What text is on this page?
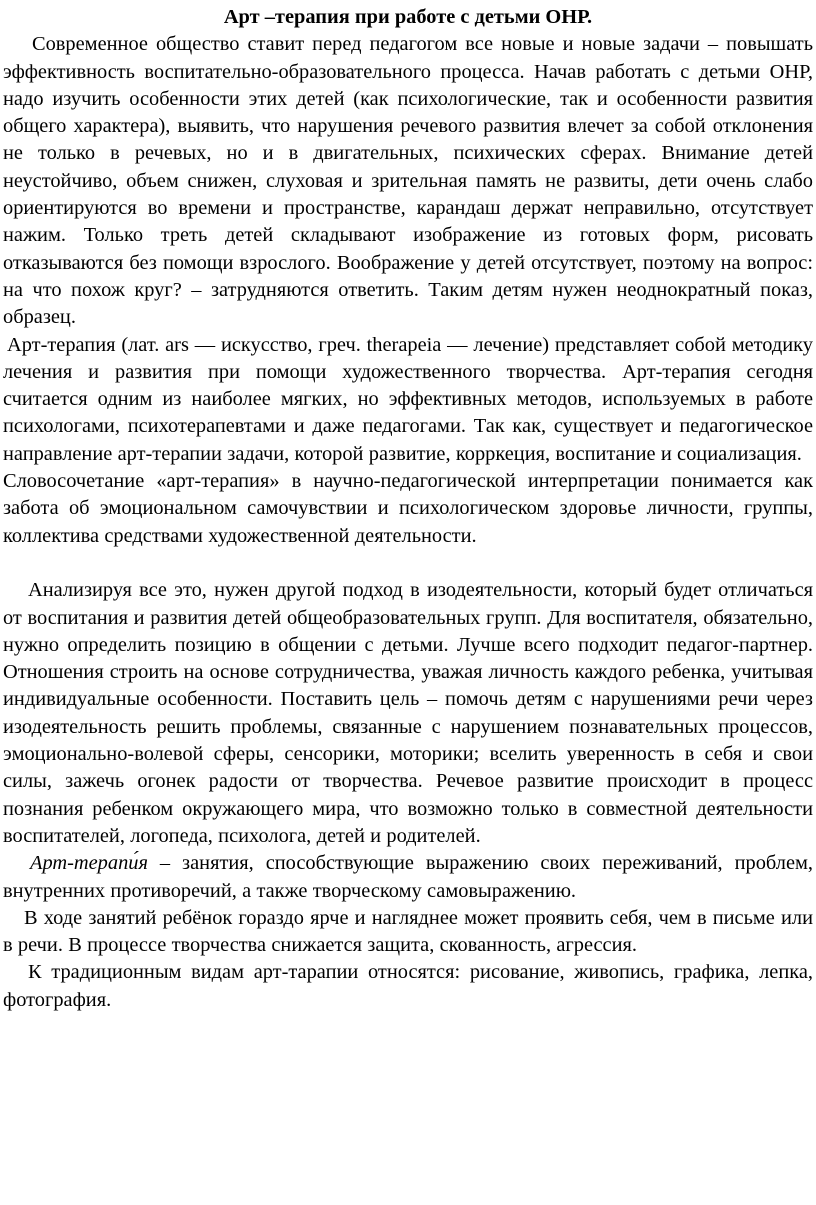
Арт –терапия при работе с детьми ОНР.

Современное общество ставит перед педагогом все новые и новые задачи – повышать эффективность воспитательно-образовательного процесса. Начав работать с детьми ОНР, надо изучить особенности этих детей (как психологические, так и особенности развития общего характера), выявить, что нарушения речевого развития влечет за собой отклонения не только в речевых, но и в двигательных, психических сферах. Внимание детей неустойчиво, объем снижен, слуховая и зрительная память не развиты, дети очень слабо ориентируются во времени и пространстве, карандаш держат неправильно, отсутствует нажим. Только треть детей складывают изображение из готовых форм, рисовать отказываются без помощи взрослого. Воображение у детей отсутствует, поэтому на вопрос: на что похож круг? – затрудняются ответить. Таким детям нужен неоднократный показ, образец.

Арт-терапия (лат. ars — искусство, греч. therapeia — лечение) представляет собой методику лечения и развития при помощи художественного творчества. Арт-терапия сегодня считается одним из наиболее мягких, но эффективных методов, используемых в работе психологами, психотерапевтами и даже педагогами. Так как, существует и педагогическое направление арт-терапии задачи, которой развитие, корркеция, воспитание и социализация.

Словосочетание «арт-терапия» в научно-педагогической интерпретации понимается как забота об эмоциональном самочувствии и психологическом здоровье личности, группы, коллектива средствами художественной деятельности.

Анализируя все это, нужен другой подход в изодеятельности, который будет отличаться от воспитания и развития детей общеобразовательных групп. Для воспитателя, обязательно, нужно определить позицию в общении с детьми. Лучше всего подходит педагог-партнер. Отношения строить на основе сотрудничества, уважая личность каждого ребенка, учитывая индивидуальные особенности. Поставить цель – помочь детям с нарушениями речи через изодеятельность решить проблемы, связанные с нарушением познавательных процессов, эмоционально-волевой сферы, сенсорики, моторики; вселить уверенность в себя и свои силы, зажечь огонек радости от творчества. Речевое развитие происходит в процесс познания ребенком окружающего мира, что возможно только в совместной деятельности воспитателей, логопеда, психолога, детей и родителей.

Арт-терапи́я – занятия, способствующие выражению своих переживаний, проблем, внутренних противоречий, а также творческому самовыражению.

В ходе занятий ребёнок гораздо ярче и нагляднее может проявить себя, чем в письме или в речи. В процессе творчества снижается защита, скованность, агрессия.

К традиционным видам арт-тарапии относятся: рисование, живопись, графика, лепка, фотография.
